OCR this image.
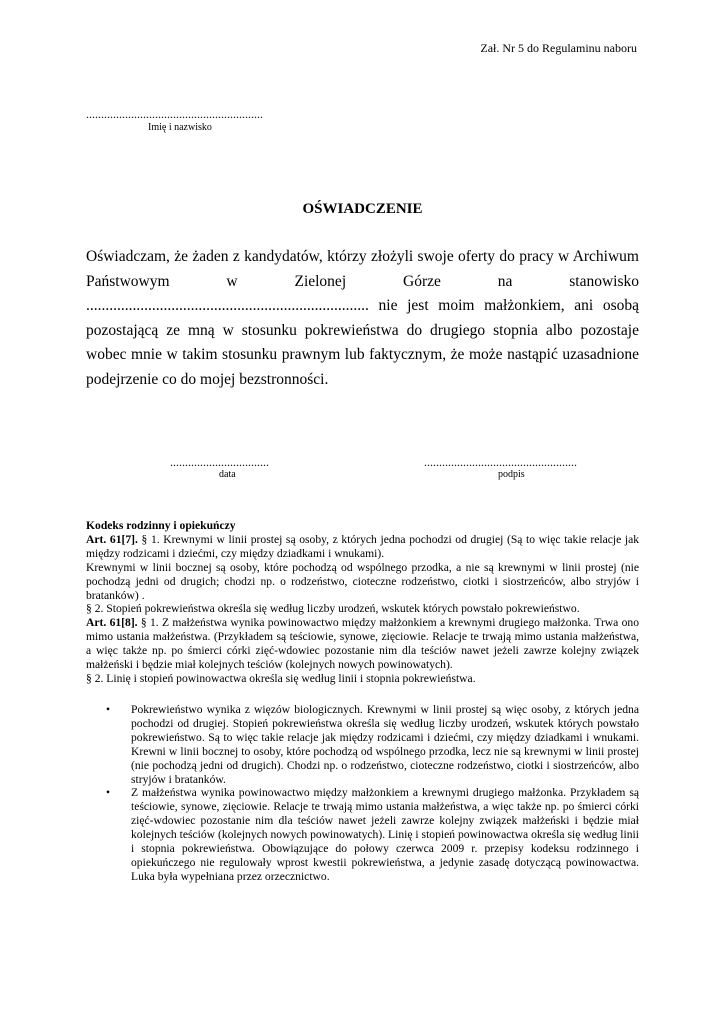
Zał. Nr 5 do Regulaminu naboru
...........................................................
Imię i nazwisko
OŚWIADCZENIE

Oświadczam, że żaden z kandydatów, którzy złożyli swoje oferty do pracy w Archiwum Państwowym w Zielonej Górze na stanowisko ......................................................................... nie jest moim małżonkiem, ani osobą pozostającą ze mną w stosunku pokrewieństwa do drugiego stopnia albo pozostaje wobec mnie w takim stosunku prawnym lub faktycznym, że może nastąpić uzasadnione podejrzenie co do mojej bezstronności.

.................................	...................................................
data	podpis

Kodeks rodzinny i opiekuńczy

Art. 61[7]. § 1. Krewnymi w linii prostej są osoby, z których jedna pochodzi od drugiej (Są to więc takie relacje jak między rodzicami i dziećmi, czy między dziadkami i wnukami).

Krewnymi w linii bocznej są osoby, które pochodzą od wspólnego przodka, a nie są krewnymi w linii prostej (nie pochodzą jedni od drugich; chodzi np. o rodzeństwo, cioteczne rodzeństwo, ciotki i siostrzeńców, albo stryjów i bratanków) .

§ 2. Stopień pokrewieństwa określa się według liczby urodzeń, wskutek których powstało pokrewieństwo.

Art. 61[8]. § 1. Z małżeństwa wynika powinowactwo między małżonkiem a krewnymi drugiego małżonka. Trwa ono mimo ustania małżeństwa. (Przykładem są teściowie, synowe, zięciowie. Relacje te trwają mimo ustania małżeństwa, a więc także np. po śmierci córki zięć-wdowiec pozostanie nim dla teściów nawet jeżeli zawrze kolejny związek małżeński i będzie miał kolejnych teściów (kolejnych nowych powinowatych).

§ 2. Linię i stopień powinowactwa określa się według linii i stopnia pokrewieństwa.

• Pokrewieństwo wynika z więzów biologicznych. Krewnymi w linii prostej są więc osoby, z których jedna pochodzi od drugiej. Stopień pokrewieństwa określa się według liczby urodzeń, wskutek których powstało pokrewieństwo. Są to więc takie relacje jak między rodzicami i dziećmi, czy między dziadkami i wnukami. Krewni w linii bocznej to osoby, które pochodzą od wspólnego przodka, lecz nie są krewnymi w linii prostej (nie pochodzą jedni od drugich). Chodzi np. o rodzeństwo, cioteczne rodzeństwo, ciotki i siostrzeńców, albo stryjów i bratanków.
• Z małżeństwa wynika powinowactwo między małżonkiem a krewnymi drugiego małżonka. Przykładem są teściowie, synowe, zięciowie. Relacje te trwają mimo ustania małżeństwa, a więc także np. po śmierci córki zięć-wdowiec pozostanie nim dla teściów nawet jeżeli zawrze kolejny związek małżeński i będzie miał kolejnych teściów (kolejnych nowych powinowatych). Linię i stopień powinowactwa określa się według linii i stopnia pokrewieństwa. Obowiązujące do połowy czerwca 2009 r. przepisy kodeksu rodzinnego i opiekuńczego nie regulowały wprost kwestii pokrewieństwa, a jedynie zasadę dotyczącą powinowactwa. Luka była wypełniana przez orzecznictwo.
